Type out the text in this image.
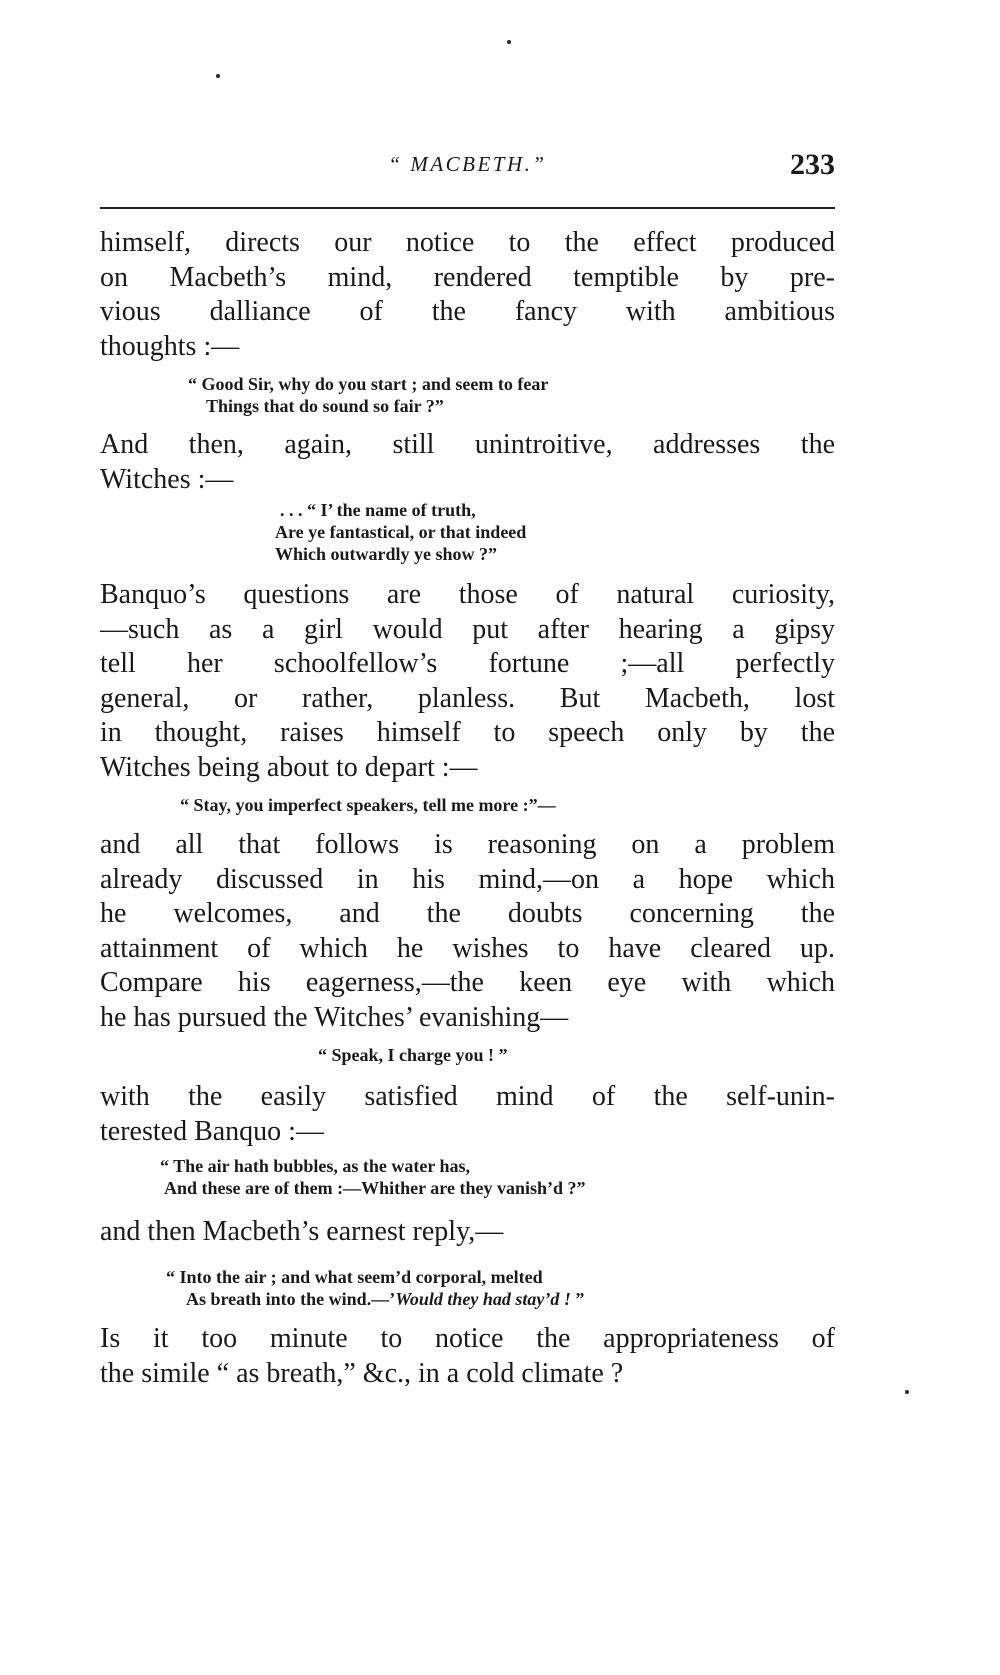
“ MACBETH.”	233
himself, directs our notice to the effect produced
on Macbeth’s mind, rendered temptible by pre-
vious dalliance of the fancy with ambitious
thoughts :—
“ Good Sir, why do you start ; and seem to fear
Things that do sound so fair ?”
And then, again, still unintroitive, addresses the
Witches :—
. . . “ I’ the name of truth,
Are ye fantastical, or that indeed
Which outwardly ye show ?”
Banquo’s questions are those of natural curiosity,
—such as a girl would put after hearing a gipsy
tell her schoolfellow’s fortune ;—all perfectly
general, or rather, planless. But Macbeth, lost
in thought, raises himself to speech only by the
Witches being about to depart :—
“ Stay, you imperfect speakers, tell me more :”—
and all that follows is reasoning on a problem
already discussed in his mind,—on a hope which
he welcomes, and the doubts concerning the
attainment of which he wishes to have cleared up.
Compare his eagerness,—the keen eye with which
he has pursued the Witches’ evanishing—
“ Speak, I charge you ! ”
with the easily satisfied mind of the self-unin-
terested Banquo :—
“ The air hath bubbles, as the water has,
And these are of them :—Whither are they vanish’d ?”
and then Macbeth’s earnest reply,—
“ Into the air ; and what seem’d corporal, melted
As breath into the wind.—’Would they had stay’d ! ”
Is it too minute to notice the appropriateness of
the simile “ as breath,” &c., in a cold climate ?
